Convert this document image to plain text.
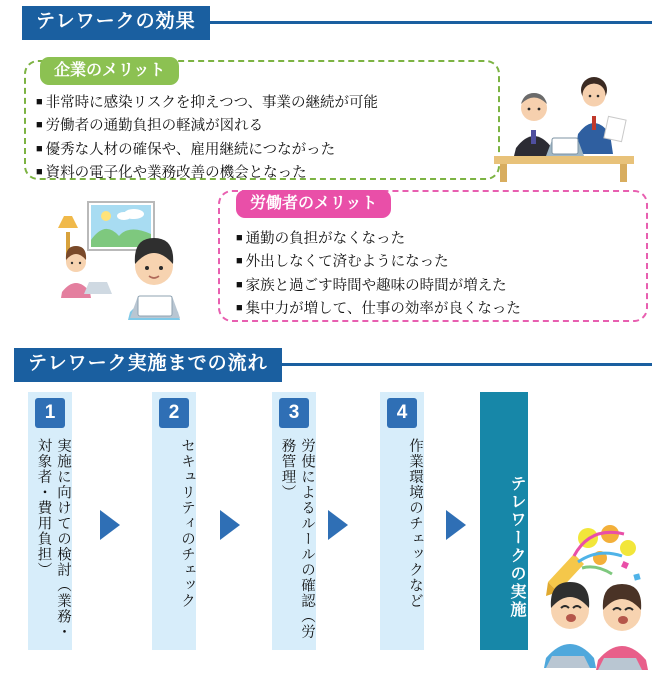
テレワークの効果
企業のメリット
■ 非常時に感染リスクを抑えつつ、事業の継続が可能
■ 労働者の通勤負担の軽減が図れる
■ 優秀な人材の確保や、雇用継続につながった
■ 資料の電子化や業務改善の機会となった
労働者のメリット
■ 通勤の負担がなくなった
■ 外出しなくて済むようになった
■ 家族と過ごす時間や趣味の時間が増えた
■ 集中力が増して、仕事の効率が良くなった
テレワーク実施までの流れ
1
実施に向けての検討（業務・対象者・費用負担）
2
セキュリティのチェック
3
労使によるルールの確認（労務管理）
4
作業環境のチェックなど	テレワークの実施
